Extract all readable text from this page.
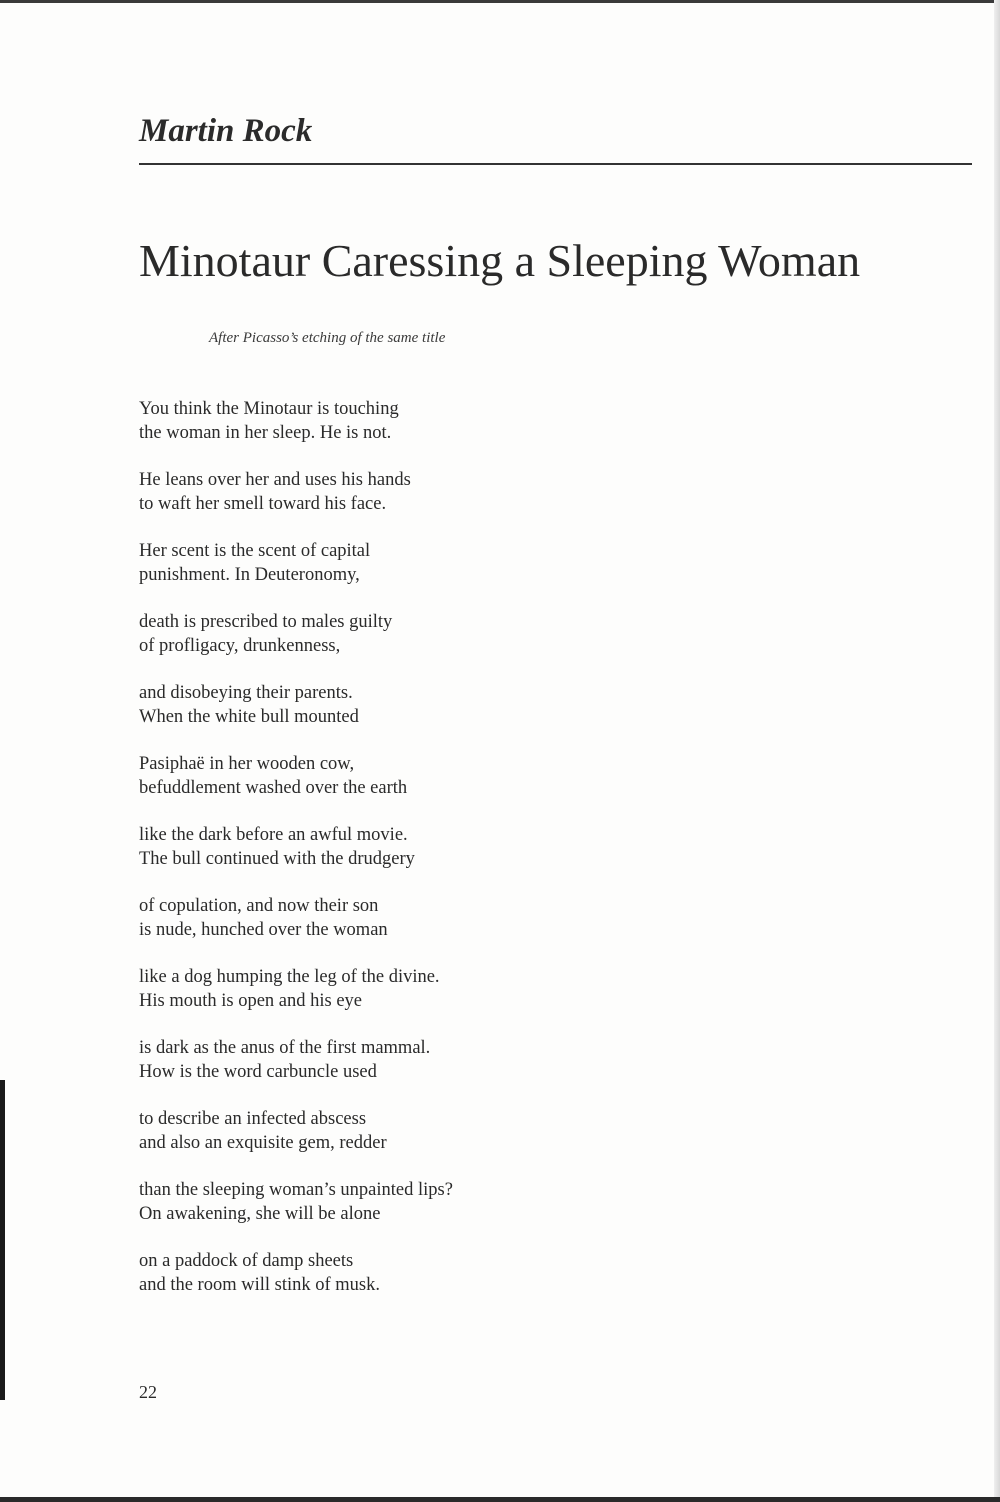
Martin Rock
Minotaur Caressing a Sleeping Woman

After Picasso’s etching of the same title

You think the Minotaur is touching
the woman in her sleep. He is not.
He leans over her and uses his hands
to waft her smell toward his face.
Her scent is the scent of capital
punishment. In Deuteronomy,
death is prescribed to males guilty
of profligacy, drunkenness,
and disobeying their parents.
When the white bull mounted
Pasiphaë in her wooden cow,
befuddlement washed over the earth
like the dark before an awful movie.
The bull continued with the drudgery
of copulation, and now their son
is nude, hunched over the woman
like a dog humping the leg of the divine.
His mouth is open and his eye
is dark as the anus of the first mammal.
How is the word carbuncle used
to describe an infected abscess
and also an exquisite gem, redder
than the sleeping woman’s unpainted lips?
On awakening, she will be alone
on a paddock of damp sheets
and the room will stink of musk.

22
